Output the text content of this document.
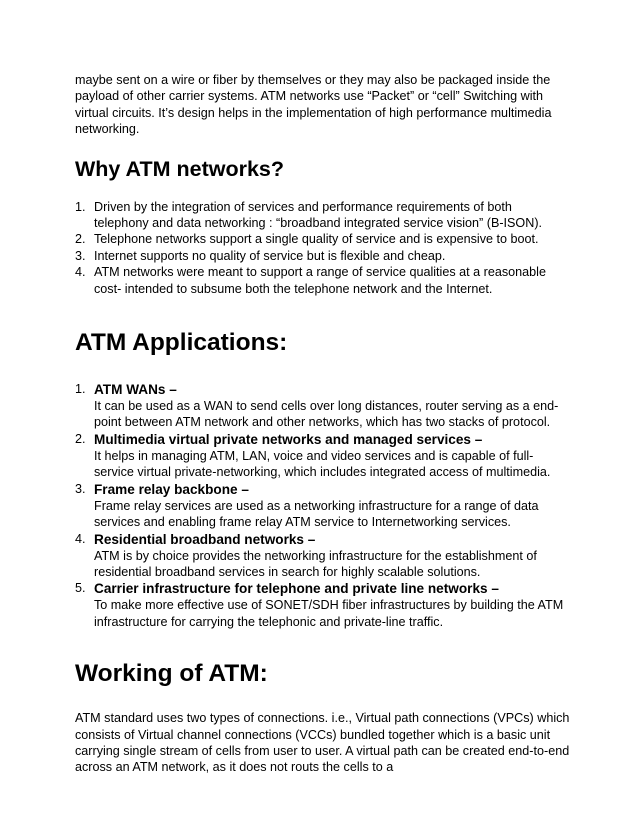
maybe sent on a wire or fiber by themselves or they may also be packaged inside the payload of other carrier systems. ATM networks use “Packet” or “cell” Switching with virtual circuits. It’s design helps in the implementation of high performance multimedia networking.

Why ATM networks?
1. Driven by the integration of services and performance requirements of both telephony and data networking : “broadband integrated service vision” (B-ISON).
2. Telephone networks support a single quality of service and is expensive to boot.
3. Internet supports no quality of service but is flexible and cheap.
4. ATM networks were meant to support a range of service qualities at a reasonable cost- intended to subsume both the telephone network and the Internet.
ATM Applications:
1. ATM WANs –
It can be used as a WAN to send cells over long distances, router serving as a end-point between ATM network and other networks, which has two stacks of protocol.
2. Multimedia virtual private networks and managed services –
It helps in managing ATM, LAN, voice and video services and is capable of full-service virtual private-networking, which includes integrated access of multimedia.
3. Frame relay backbone –
Frame relay services are used as a networking infrastructure for a range of data services and enabling frame relay ATM service to Internetworking services.
4. Residential broadband networks –
ATM is by choice provides the networking infrastructure for the establishment of residential broadband services in search for highly scalable solutions.
5. Carrier infrastructure for telephone and private line networks –
To make more effective use of SONET/SDH fiber infrastructures by building the ATM infrastructure for carrying the telephonic and private-line traffic.
Working of ATM:

ATM standard uses two types of connections. i.e., Virtual path connections (VPCs) which consists of Virtual channel connections (VCCs) bundled together which is a basic unit carrying single stream of cells from user to user. A virtual path can be created end-to-end across an ATM network, as it does not routs the cells to a
